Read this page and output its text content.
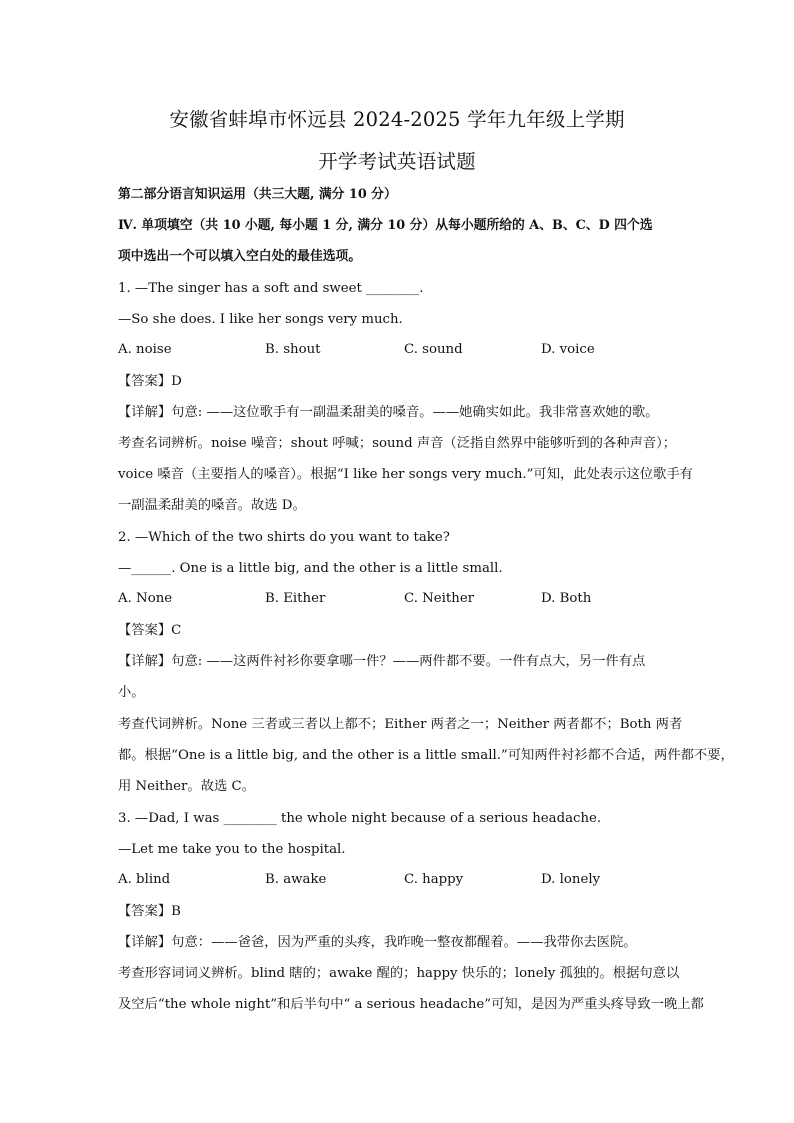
安徽省蚌埠市怀远县 2024-2025 学年九年级上学期
开学考试英语试题
第二部分语言知识运用（共三大题, 满分 10 分）
Ⅳ. 单项填空（共 10 小题, 每小题 1 分, 满分 10 分）从每小题所给的 A、B、C、D 四个选
项中选出一个可以填入空白处的最佳选项。
1. —The singer has a soft and sweet ________.
—So she does. I like her songs very much.
A. noise	B. shout	C. sound	D. voice
【答案】D
【详解】句意: ——这位歌手有一副温柔甜美的嗓音。——她确实如此。我非常喜欢她的歌。
考查名词辨析。noise 噪音；shout 呼喊；sound 声音（泛指自然界中能够听到的各种声音）；
voice 嗓音（主要指人的嗓音）。根据“I like her songs very much.”可知，此处表示这位歌手有
一副温柔甜美的嗓音。故选 D。
2. —Which of the two shirts do you want to take?
—______. One is a little big, and the other is a little small.
A. None	B. Either	C. Neither	D. Both
【答案】C
【详解】句意: ——这两件衬衫你要拿哪一件？——两件都不要。一件有点大，另一件有点
小。
考查代词辨析。None 三者或三者以上都不；Either 两者之一；Neither 两者都不；Both 两者
都。根据“One is a little big, and the other is a little small.”可知两件衬衫都不合适，两件都不要，
用 Neither。故选 C。
3. —Dad, I was ________ the whole night because of a serious headache.
—Let me take you to the hospital.
A. blind	B. awake	C. happy	D. lonely
【答案】B
【详解】句意：——爸爸，因为严重的头疼，我昨晚一整夜都醒着。——我带你去医院。
考查形容词词义辨析。blind 瞎的；awake 醒的；happy 快乐的；lonely 孤独的。根据句意以
及空后“the whole night”和后半句中“ a serious headache”可知，是因为严重头疼导致一晚上都
